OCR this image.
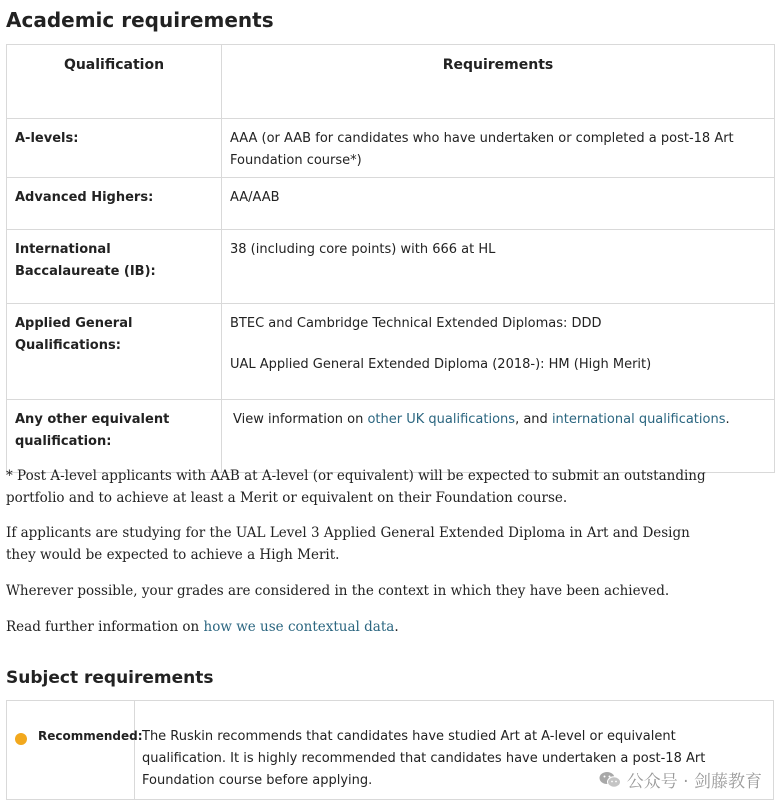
Academic requirements
Qualification	Requirements
A-levels:	AAA (or AAB for candidates who have undertaken or completed a post-18 Art Foundation course*)
Advanced Highers:	AA/AAB
International Baccalaureate (IB):	38 (including core points) with 666 at HL
Applied General Qualifications:	BTEC and Cambridge Technical Extended Diplomas: DDD
UAL Applied General Extended Diploma (2018-): HM (High Merit)

Any other equivalent qualification:	View information on other UK qualifications, and international qualifications.

* Post A-level applicants with AAB at A-level (or equivalent) will be expected to submit an outstanding portfolio and to achieve at least a Merit or equivalent on their Foundation course.

If applicants are studying for the UAL Level 3 Applied General Extended Diploma in Art and Design they would be expected to achieve a High Merit.

Wherever possible, your grades are considered in the context in which they have been achieved.

Read further information on how we use contextual data.

Subject requirements
Recommended: The Ruskin recommends that candidates have studied Art at A-level or equivalent qualification. It is highly recommended that candidates have undertaken a post-18 Art Foundation course before applying.	公众号 · 剑藤教育
